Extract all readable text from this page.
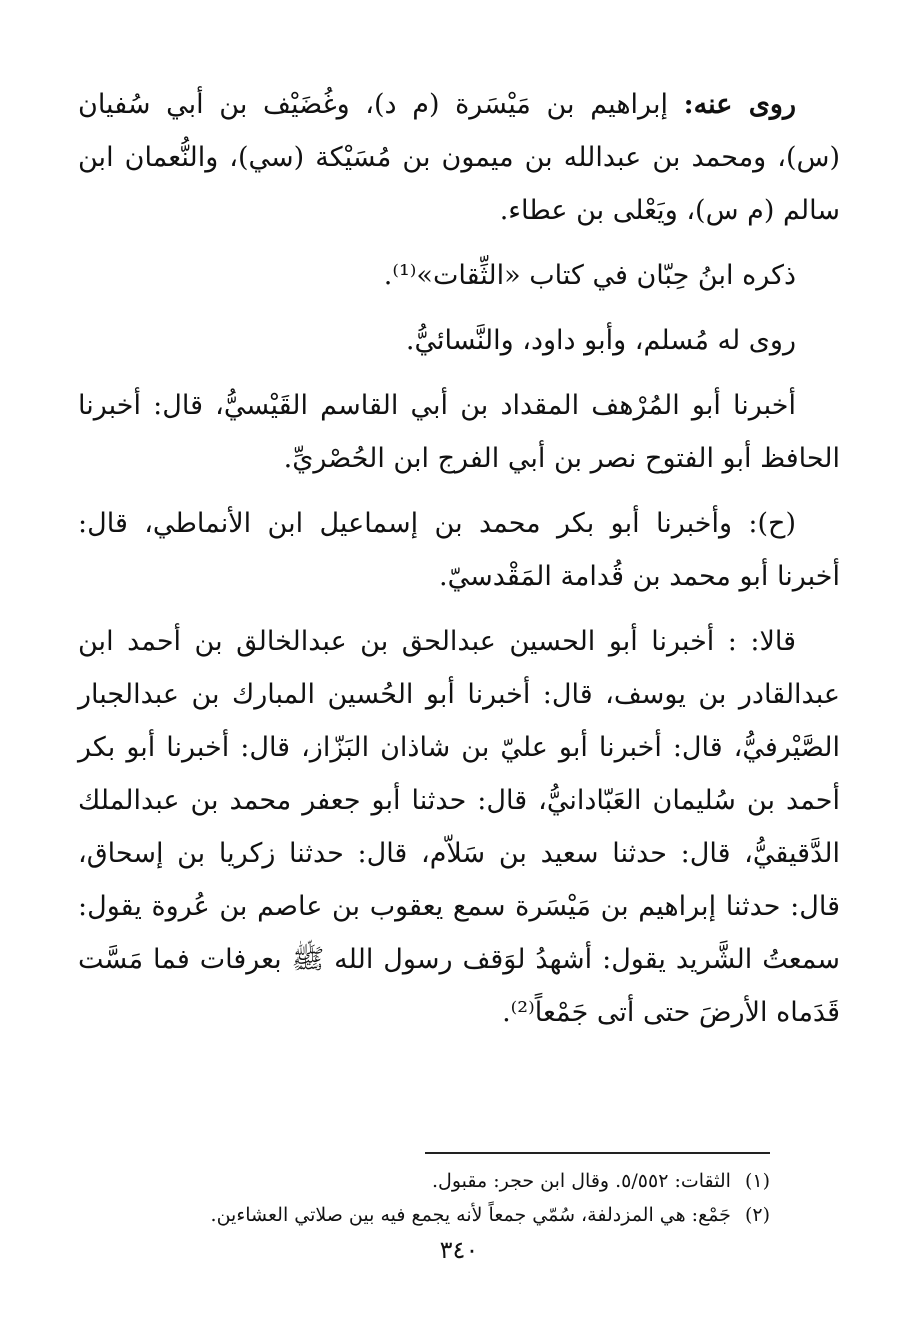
روى عنه: إبراهيم بن مَيْسَرة (م د)، وغُضَيْف بن أبي سُفيان (س)، ومحمد بن عبدالله بن ميمون بن مُسَيْكة (سي)، والنُّعمان ابن سالم (م س)، ويَعْلى بن عطاء.

ذكره ابنُ حِبّان في كتاب «الثِّقات»⁽¹⁾.

روى له مُسلم، وأبو داود، والنَّسائيُّ.

أخبرنا أبو المُرْهف المقداد بن أبي القاسم القَيْسيُّ، قال: أخبرنا الحافظ أبو الفتوح نصر بن أبي الفرج ابن الحُصْريِّ.

(ح): وأخبرنا أبو بكر محمد بن إسماعيل ابن الأنماطي، قال: أخبرنا أبو محمد بن قُدامة المَقْدسيّ.

قالا: : أخبرنا أبو الحسين عبدالحق بن عبدالخالق بن أحمد ابن عبدالقادر بن يوسف، قال: أخبرنا أبو الحُسين المبارك بن عبدالجبار الصَّيْرفيُّ، قال: أخبرنا أبو عليّ بن شاذان البَزّاز، قال: أخبرنا أبو بكر أحمد بن سُليمان العَبّادانيُّ، قال: حدثنا أبو جعفر محمد بن عبدالملك الدَّقيقيُّ، قال: حدثنا سعيد بن سَلاّم، قال: حدثنا زكريا بن إسحاق، قال: حدثنا إبراهيم بن مَيْسَرة سمع يعقوب بن عاصم بن عُروة يقول: سمعتُ الشَّريد يقول: أشهدُ لوَقف رسول الله ﷺ بعرفات فما مَسَّت قَدَماه الأرضَ حتى أتى جَمْعاً⁽²⁾.

(١)الثقات: ٥/٥٥٢. وقال ابن حجر: مقبول.
(٢)جَمْع: هي المزدلفة، سُمّي جمعاً لأنه يجمع فيه بين صلاتي العشاءين.
٣٤٠
